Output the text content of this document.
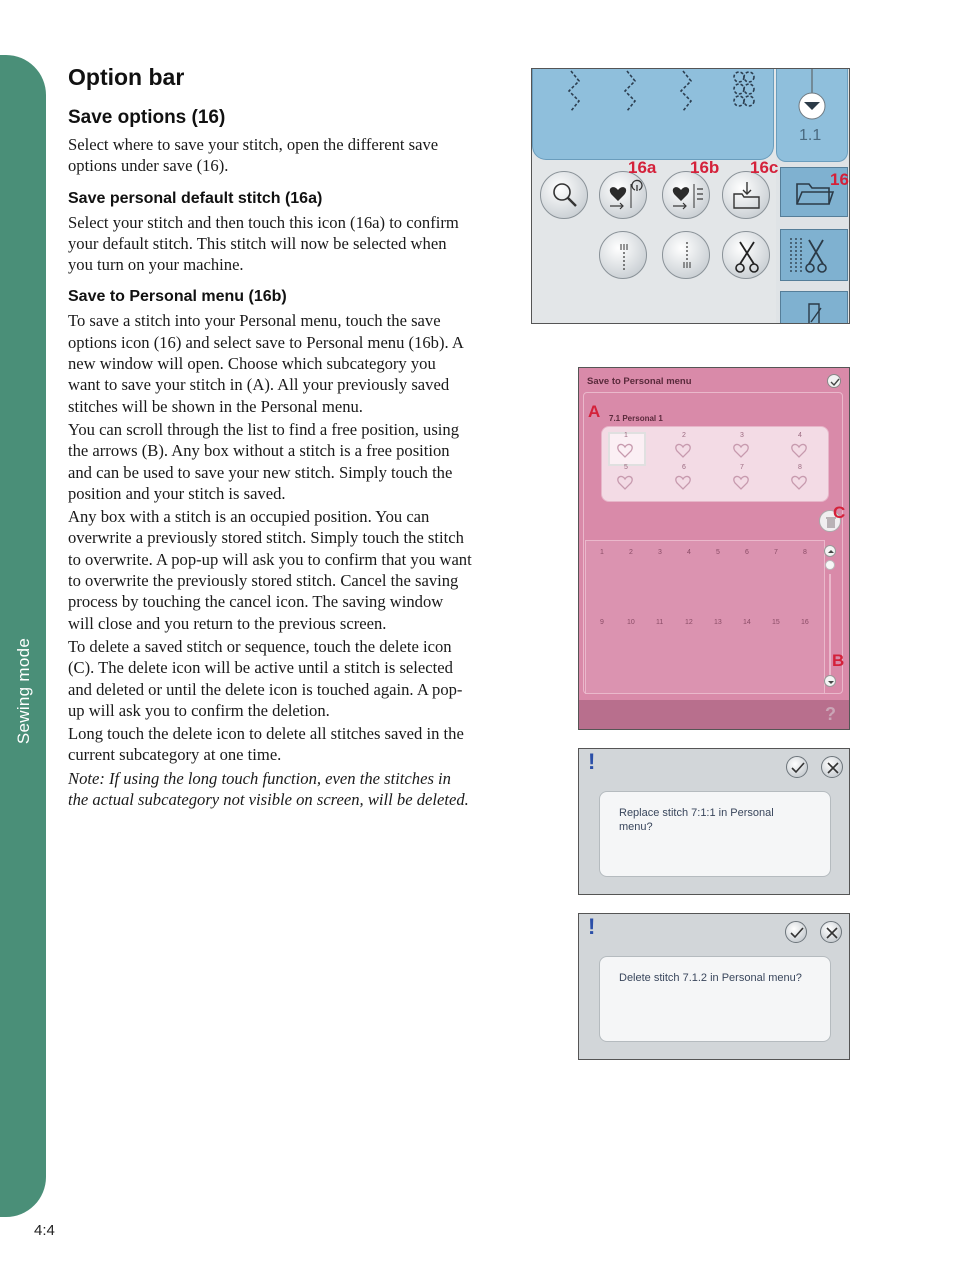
Sewing mode
4:4
Option bar
Save options (16)

Select where to save your stitch, open the different save options under save (16).

Save personal default stitch (16a)

Select your stitch and then touch this icon (16a) to confirm your default stitch. This stitch will now be selected when you turn on your machine.

Save to Personal menu (16b)

To save a stitch into your Personal menu, touch the save options icon (16) and select save to Personal menu (16b). A new window will open. Choose which subcategory you want to save your stitch in (A). All your previously saved stitches will be shown in the Personal menu.

You can scroll through the list to find a free position, using the arrows (B). Any box without a stitch is a free position and can be used to save your new stitch. Simply touch the position and your stitch is saved.

Any box with a stitch is an occupied position. You can overwrite a previously stored stitch. Simply touch the stitch to overwrite. A pop-up will ask you to confirm that you want to overwrite the previously stored stitch. Cancel the saving process by touching the cancel icon. The saving window will close and you return to the previous screen.

To delete a saved stitch or sequence, touch the delete icon (C). The delete icon will be active until a stitch is selected and deleted or until the delete icon is touched again. A pop-up will ask you to confirm the deletion.

Long touch the delete icon to delete all stitches saved in the current subcategory at one time.

Note: If using the long touch function, even the stitches in the actual subcategory not visible on screen, will be deleted.

1.1
16a 16b 16c
16
Save to Personal menu
7.1 Personal 1
1	2	3	4
5	6	7	8
1	2	3	4	5	6	7	8
9	10	11	12	13	14	15	16
?
A
C
B
!
Replace stitch 7:1:1 in Personal menu?
!
Delete stitch 7.1.2 in Personal menu?
